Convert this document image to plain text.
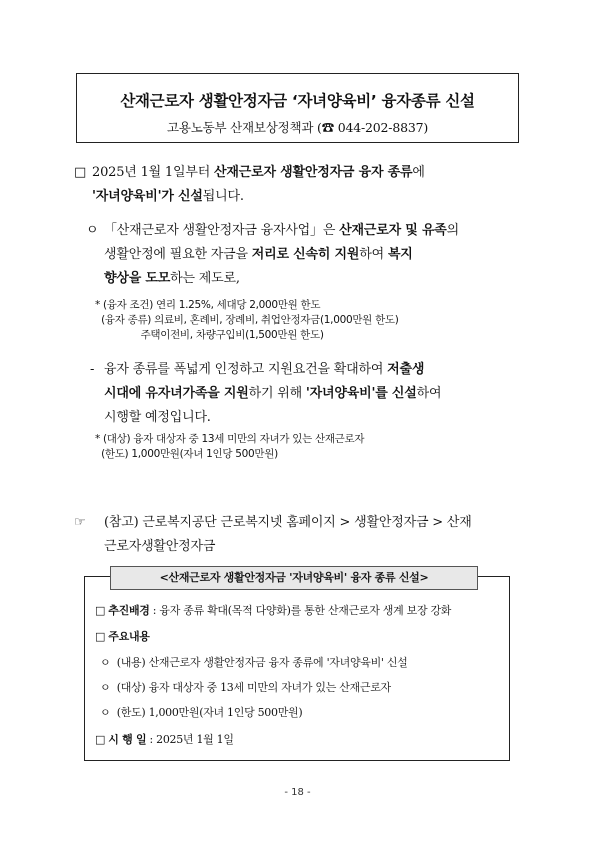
산재근로자 생활안정자금 ‘자녀양육비’ 융자종류 신설
고용노동부 산재보상정책과 (☎ 044-202-8837)
□ 2025년 1월 1일부터 산재근로자 생활안정자금 융자 종류에
'자녀양육비'가 신설됩니다.
ㅇ 「산재근로자 생활안정자금 융자사업」은 산재근로자 및 유족의
생활안정에 필요한 자금을 저리로 신속히 지원하여 복지
향상을 도모하는 제도로,
* (융자 조건) 연리 1.25%, 세대당 2,000만원 한도
(융자 종류) 의료비, 혼례비, 장례비, 취업안정자금(1,000만원 한도)
주택이전비, 차량구입비(1,500만원 한도)
- 융자 종류를 폭넓게 인정하고 지원요건을 확대하여 저출생
시대에 유자녀가족을 지원하기 위해 '자녀양육비'를 신설하여
시행할 예정입니다.
* (대상) 융자 대상자 중 13세 미만의 자녀가 있는 산재근로자
(한도) 1,000만원(자녀 1인당 500만원)
☞	(참고) 근로복지공단 근로복지넷 홈페이지 > 생활안정자금 > 산재
근로자생활안정자금
<산재근로자 생활안정자금 '자녀양육비' 융자 종류 신설>
□ 추진배경 : 융자 종류 확대(목적 다양화)를 통한 산재근로자 생계 보장 강화
□ 주요내용
ㅇ (내용) 산재근로자 생활안정자금 융자 종류에 '자녀양육비' 신설
ㅇ (대상) 융자 대상자 중 13세 미만의 자녀가 있는 산재근로자
ㅇ (한도) 1,000만원(자녀 1인당 500만원)
□ 시 행 일 : 2025년 1월 1일
- 18 -
